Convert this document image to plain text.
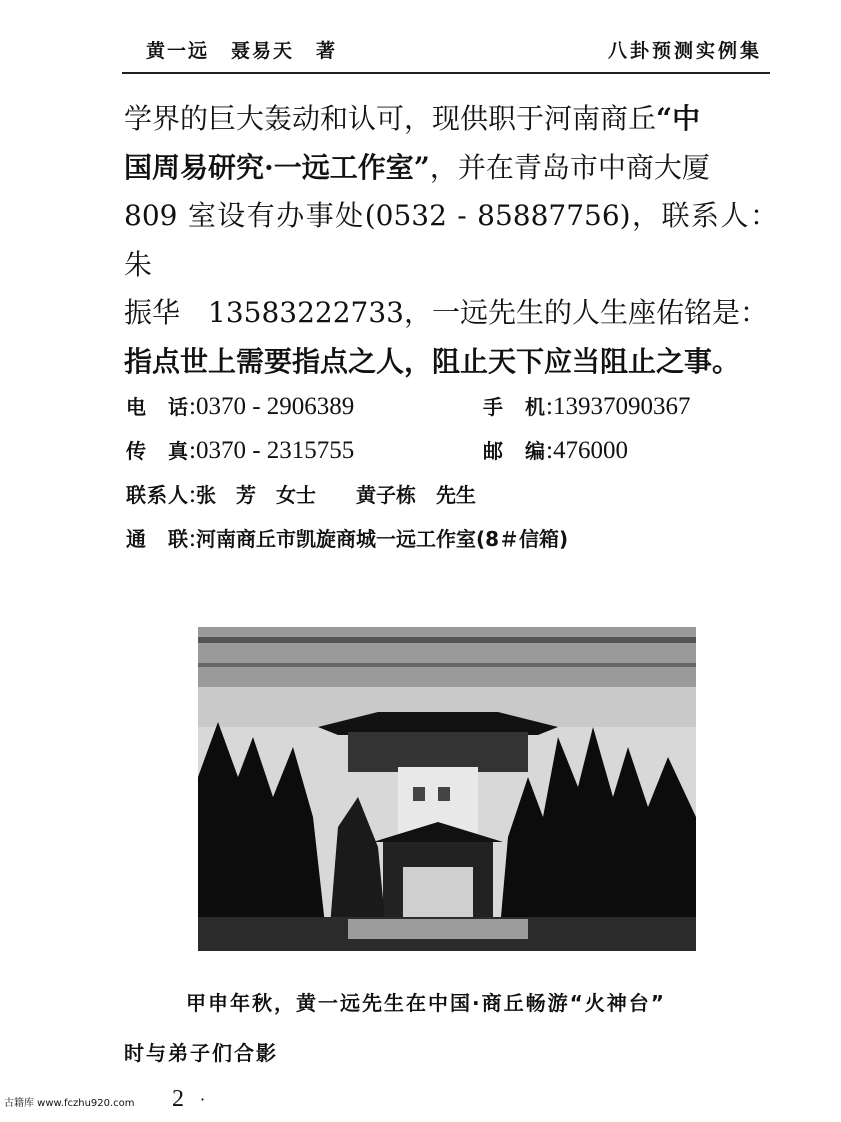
黄一远 聂易天 著	八卦预测实例集

学界的巨大轰动和认可，现供职于河南商丘“中
国周易研究·一远工作室”，并在青岛市中商大厦
809 室设有办事处(0532 - 85887756)，联系人：朱
振华　13583222733，一远先生的人生座佑铭是：
指点世上需要指点之人，阻止天下应当阻止之事。

电　话:0370 - 2906389	手　机:13937090367
传　真:0370 - 2315755	邮　编:476000
联系人:张　芳　女士　　黄子栋　先生
通　联:河南商丘市凯旋商城一远工作室(8＃信箱)
甲申年秋，黄一远先生在中国·商丘畅游“火神台”
时与弟子们合影
古籍库 www.fczhu920.com 2 ·
